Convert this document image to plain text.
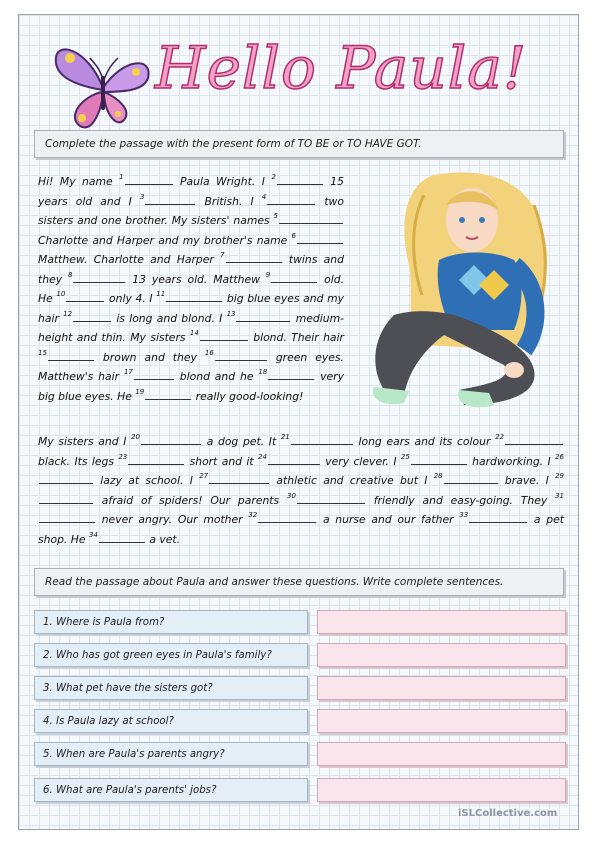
Hello Paula!
Complete the passage with the present form of TO BE or TO HAVE GOT.
Hi! My name $^1$	Paula Wright. I $^2$	15 years old and I $^3$	British. I $^4$	two sisters and one brother. My sisters' names $^5$ Charlotte and Harper and my brother's name $^6$ Matthew. Charlotte and Harper $^7$	twins and they $^8$	13 years old. Matthew $^9$	old. He $^{10}$	only 4. I $^{11}$	big blue eyes and my hair $^{12}$	is long and blond. I $^{13}$	medium-height and thin. My sisters $^{14}$	blond. Their hair $^{15}$	brown and they $^{16}$	green eyes. Matthew's hair $^{17}$	blond and he $^{18}$	very big blue eyes. He $^{19}$	really good-looking!
My sisters and I $^{20}$	a dog pet. It $^{21}$	long ears and its colour $^{22}$ black. Its legs $^{23}$	short and it $^{24}$	very clever. I $^{25}$	hardworking. I $^{26}$ lazy at school. I $^{27}$	athletic and creative but I $^{28}$	brave. I $^{29}$ afraid of spiders! Our parents $^{30}$	friendly and easy-going. They $^{31}$ never angry. Our mother $^{32}$	a nurse and our father $^{33}$	a pet shop. He $^{34}$	a vet.
Read the passage about Paula and answer these questions. Write complete sentences.
1. Where is Paula from?
2. Who has got green eyes in Paula's family?
3. What pet have the sisters got?
4. Is Paula lazy at school?
5. When are Paula's parents angry?
6. What are Paula's parents' jobs?
iSLCollective.com
